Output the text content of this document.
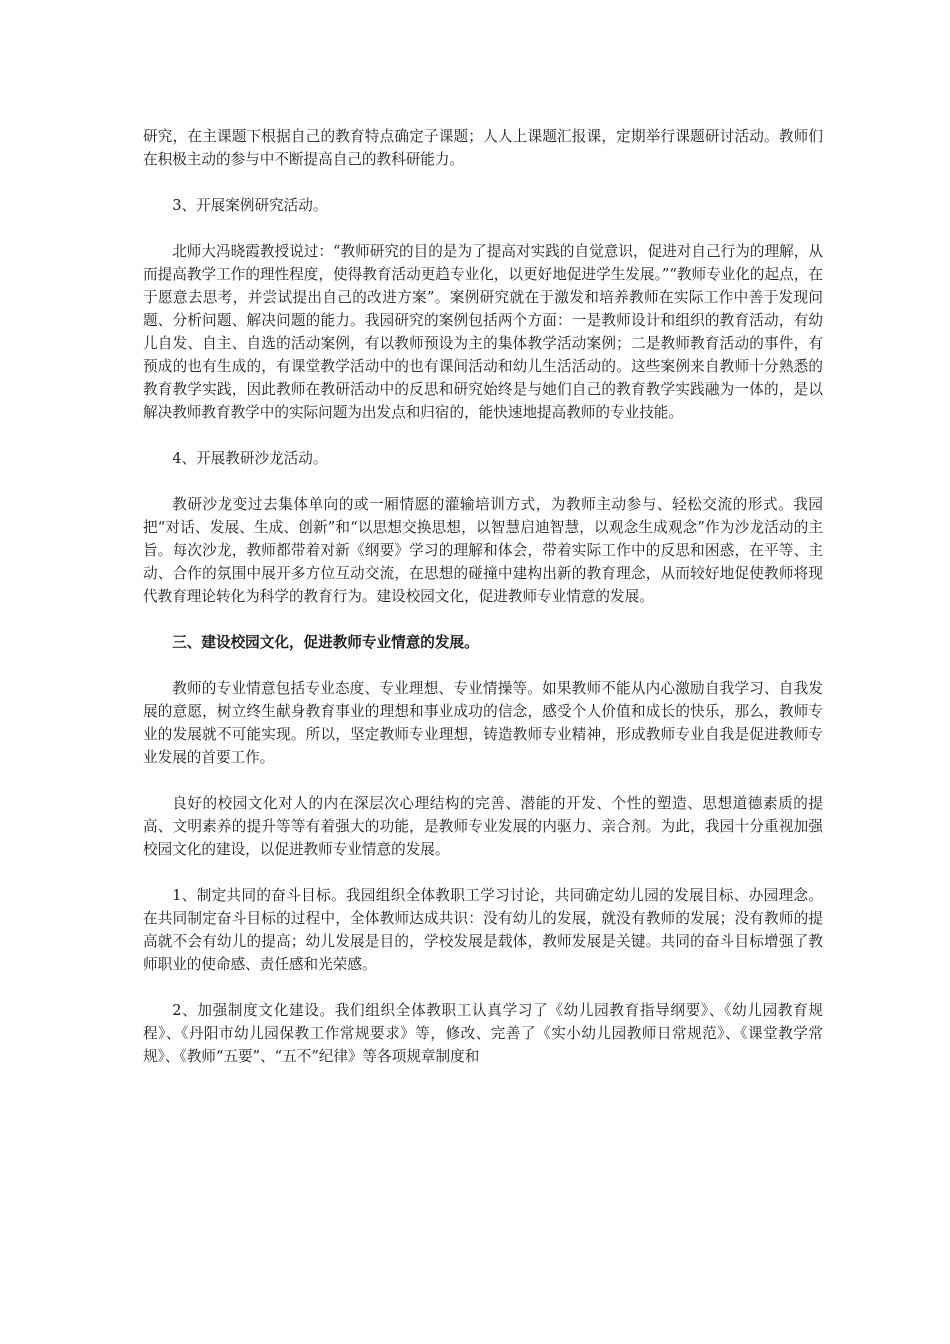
研究，在主课题下根据自己的教育特点确定子课题；人人上课题汇报课，定期举行课题研讨活动。教师们在积极主动的参与中不断提高自己的教科研能力。

3、开展案例研究活动。

北师大冯晓霞教授说过：“教师研究的目的是为了提高对实践的自觉意识，促进对自己行为的理解，从而提高教学工作的理性程度，使得教育活动更趋专业化，以更好地促进学生发展。”“教师专业化的起点，在于愿意去思考，并尝试提出自己的改进方案”。案例研究就在于激发和培养教师在实际工作中善于发现问题、分析问题、解决问题的能力。我园研究的案例包括两个方面：一是教师设计和组织的教育活动，有幼儿自发、自主、自选的活动案例，有以教师预设为主的集体教学活动案例；二是教师教育活动的事件，有预成的也有生成的，有课堂教学活动中的也有课间活动和幼儿生活活动的。这些案例来自教师十分熟悉的教育教学实践，因此教师在教研活动中的反思和研究始终是与她们自己的教育教学实践融为一体的，是以解决教师教育教学中的实际问题为出发点和归宿的，能快速地提高教师的专业技能。

4、开展教研沙龙活动。

教研沙龙变过去集体单向的或一厢情愿的灌输培训方式，为教师主动参与、轻松交流的形式。我园把“对话、发展、生成、创新”和“以思想交换思想，以智慧启迪智慧，以观念生成观念”作为沙龙活动的主旨。每次沙龙，教师都带着对新《纲要》学习的理解和体会，带着实际工作中的反思和困惑，在平等、主动、合作的氛围中展开多方位互动交流，在思想的碰撞中建构出新的教育理念，从而较好地促使教师将现代教育理论转化为科学的教育行为。建设校园文化，促进教师专业情意的发展。

三、建设校园文化，促进教师专业情意的发展。

教师的专业情意包括专业态度、专业理想、专业情操等。如果教师不能从内心激励自我学习、自我发展的意愿，树立终生献身教育事业的理想和事业成功的信念，感受个人价值和成长的快乐，那么，教师专业的发展就不可能实现。所以，坚定教师专业理想，铸造教师专业精神，形成教师专业自我是促进教师专业发展的首要工作。

良好的校园文化对人的内在深层次心理结构的完善、潜能的开发、个性的塑造、思想道德素质的提高、文明素养的提升等等有着强大的功能，是教师专业发展的内驱力、亲合剂。为此，我园十分重视加强校园文化的建设，以促进教师专业情意的发展。

1、制定共同的奋斗目标。我园组织全体教职工学习讨论，共同确定幼儿园的发展目标、办园理念。在共同制定奋斗目标的过程中，全体教师达成共识：没有幼儿的发展，就没有教师的发展；没有教师的提高就不会有幼儿的提高；幼儿发展是目的，学校发展是载体，教师发展是关键。共同的奋斗目标增强了教师职业的使命感、责任感和光荣感。

2、加强制度文化建设。我们组织全体教职工认真学习了《幼儿园教育指导纲要》、《幼儿园教育规程》、《丹阳市幼儿园保教工作常规要求》等，修改、完善了《实小幼儿园教师日常规范》、《课堂教学常规》、《教师“五要”、“五不”纪律》等各项规章制度和
